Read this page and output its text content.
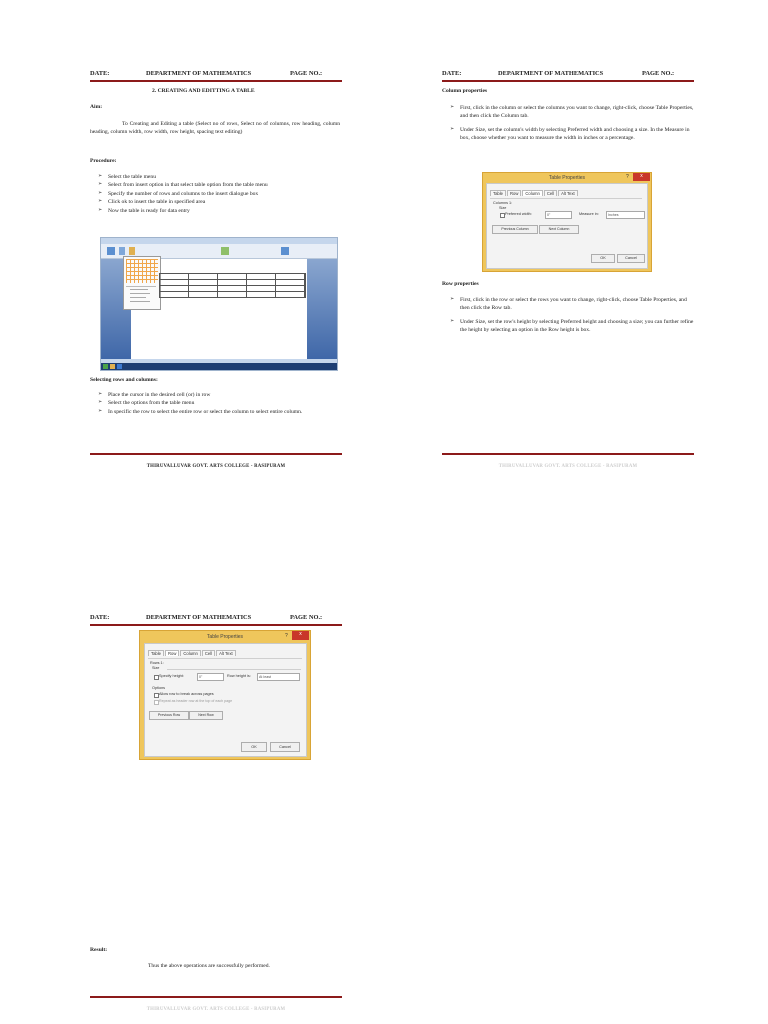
DATE:	DEPARTMENT OF MATHEMATICS	PAGE NO.:
2. CREATING AND EDITTING A TABLE
Aim:
To Creating and Editing a table (Select no of rows, Select no of columns, row heading, column heading, column width, row width, row height, spacing text editing)
Procedure:
➢ Select the table menu
➢ Select from insert option in that select table option from the table menu
➢ Specify the number of rows and columns to the insert dialogue box
➢ Click ok to insert the table in specified area
➢ Now the table is ready for data entry
Selecting rows and columns:
➢ Place the cursor in the desired cell (or) in row
➢ Select the options from the table menu
➢ In specific the row to select the entire row or select the column to select entire column.
THIRUVALLUVAR GOVT. ARTS COLLEGE - RASIPURAM
DATE:	DEPARTMENT OF MATHEMATICS	PAGE NO.:
Column properties
➢ First, click in the column or select the columns you want to change, right-click, choose Table Properties, and then click the Column tab.
➢ Under Size, set the column's width by selecting Preferred width and choosing a size. In the Measure in box, choose whether you want to measure the width in inches or a percentage.
Table Properties	?	x
Table	Row	Column	Cell	Alt Text
Columns 1:
Size
Preferred width:	0"	Measure in:	Inches
Previous Column	Next Column
OK	Cancel
Row properties
➢ First, click in the row or select the rows you want to change, right-click, choose Table Properties, and then click the Row tab.
➢ Under Size, set the row's height by selecting Preferred height and choosing a size; you can further refine the height by selecting an option in the Row height is box.
THIRUVALLUVAR GOVT. ARTS COLLEGE - RASIPURAM
DATE:	DEPARTMENT OF MATHEMATICS	PAGE NO.:
Table Properties	?	x
Table	Row	Column	Cell	Alt Text
Rows 1:
Size
Specify height:	0"	Row height is:	At least
Options
Allow row to break across pages
Repeat as header row at the top of each page
Previous Row	Next Row
OK	Cancel
Result:
Thus the above operations are successfully performed.
THIRUVALLUVAR GOVT. ARTS COLLEGE - RASIPURAM
